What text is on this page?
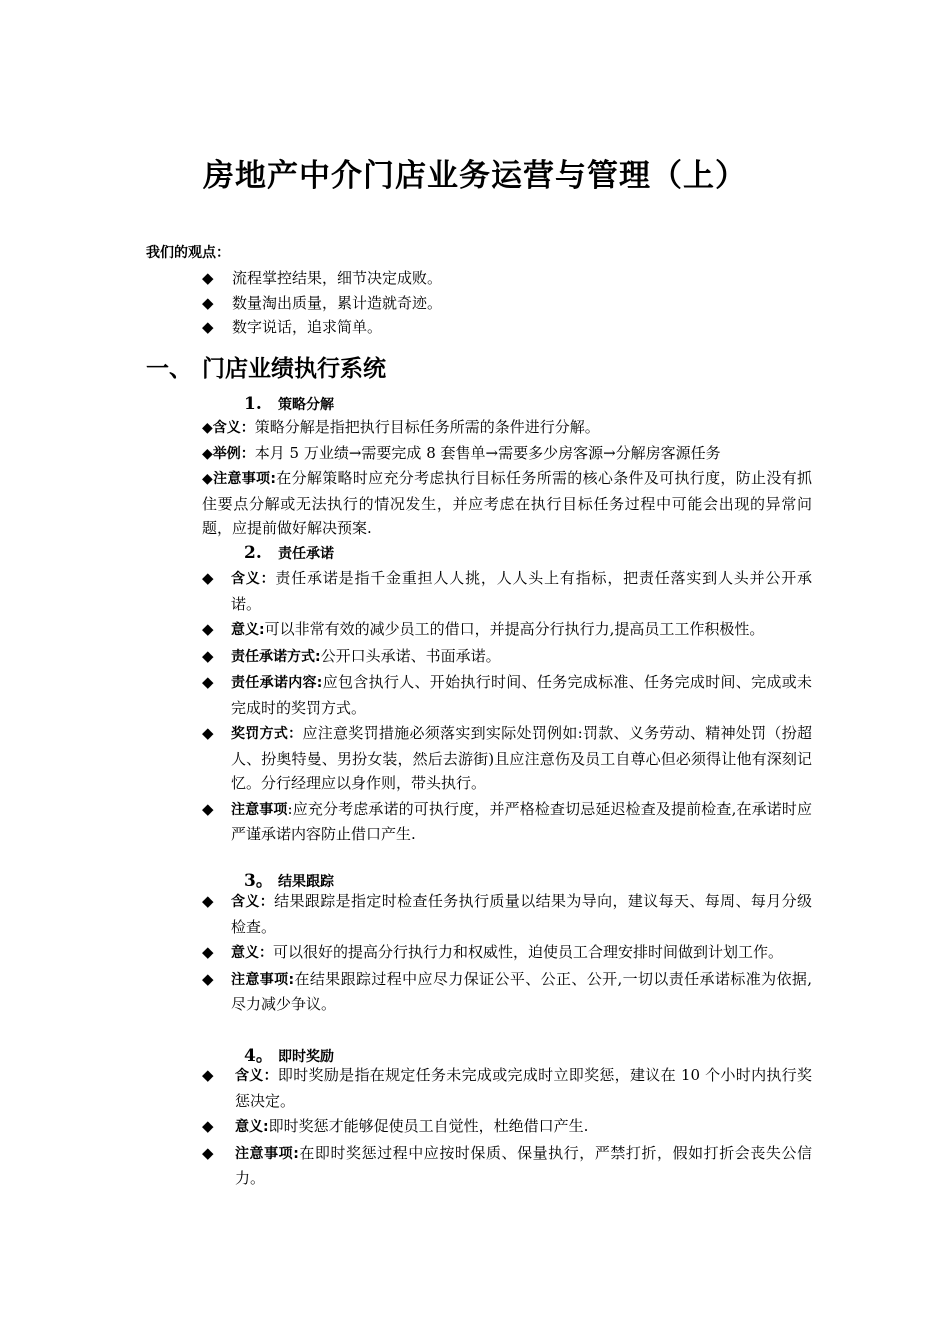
房地产中介门店业务运营与管理（上）
我们的观点：
◆ 流程掌控结果，细节决定成败。
◆ 数量淘出质量，累计造就奇迹。
◆ 数字说话，追求简单。
一、 门店业绩执行系统
1. 策略分解

◆含义：策略分解是指把执行目标任务所需的条件进行分解。

◆举例：本月 5 万业绩→需要完成 8 套售单→需要多少房客源→分解房客源任务

◆注意事项:在分解策略时应充分考虑执行目标任务所需的核心条件及可执行度，防止没有抓住要点分解或无法执行的情况发生，并应考虑在执行目标任务过程中可能会出现的异常问题，应提前做好解决预案.

2. 责任承诺
◆ 含义：责任承诺是指千金重担人人挑，人人头上有指标，把责任落实到人头并公开承诺。
◆ 意义:可以非常有效的减少员工的借口，并提高分行执行力,提高员工工作积极性。
◆ 责任承诺方式:公开口头承诺、书面承诺。
◆ 责任承诺内容:应包含执行人、开始执行时间、任务完成标准、任务完成时间、完成或未完成时的奖罚方式。
◆ 奖罚方式：应注意奖罚措施必须落实到实际处罚例如:罚款、义务劳动、精神处罚（扮超人、扮奥特曼、男扮女装，然后去游街)且应注意伤及员工自尊心但必须得让他有深刻记忆。分行经理应以身作则，带头执行。
◆ 注意事项:应充分考虑承诺的可执行度，并严格检查切忌延迟检查及提前检查,在承诺时应严谨承诺内容防止借口产生.
3。 结果跟踪
◆ 含义：结果跟踪是指定时检查任务执行质量以结果为导向，建议每天、每周、每月分级检查。
◆ 意义：可以很好的提高分行执行力和权威性，迫使员工合理安排时间做到计划工作。
◆ 注意事项:在结果跟踪过程中应尽力保证公平、公正、公开,一切以责任承诺标准为依据,尽力减少争议。
4。 即时奖励
◆ 含义：即时奖励是指在规定任务未完成或完成时立即奖惩，建议在 10 个小时内执行奖惩决定。
◆ 意义:即时奖惩才能够促使员工自觉性，杜绝借口产生.
◆ 注意事项:在即时奖惩过程中应按时保质、保量执行，严禁打折，假如打折会丧失公信力。
